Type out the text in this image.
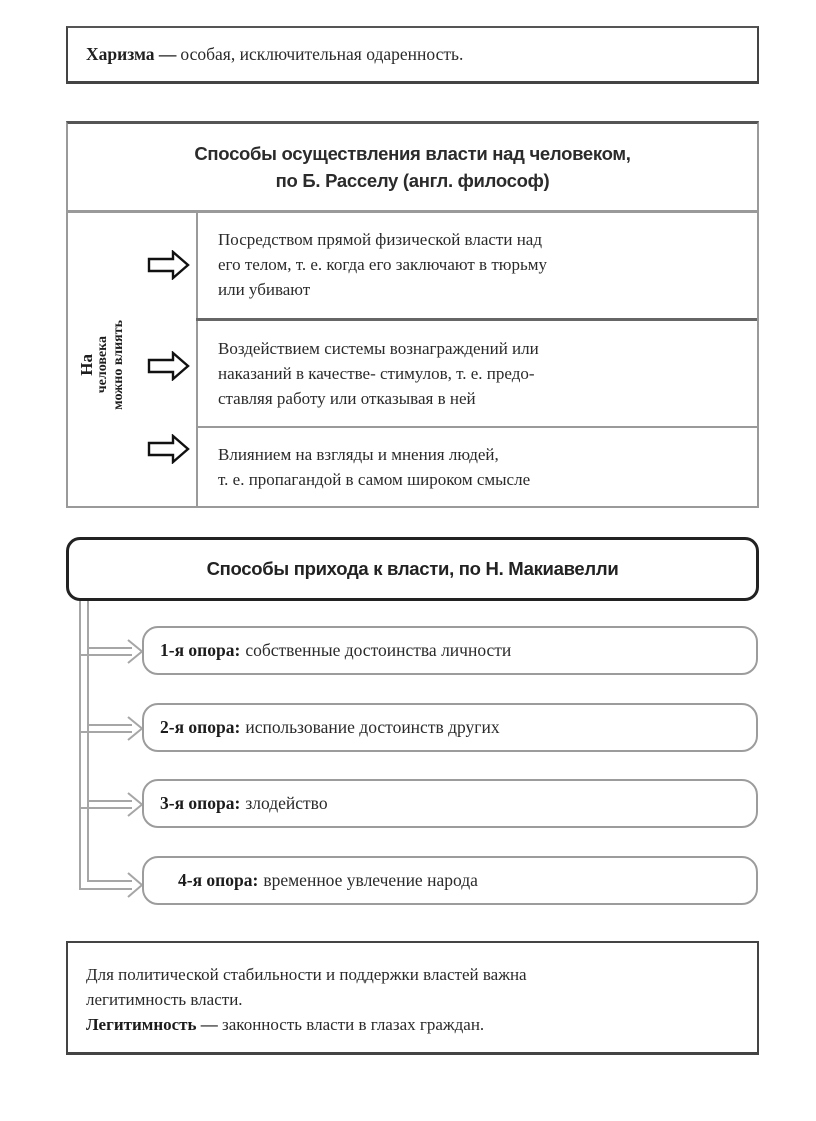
Харизма — особая, исключительная одаренность.
Способы осуществления власти над человеком,
по Б. Расселу (англ. философ)
На человека можно влиять
Посредством прямой физической власти над
его телом, т. е. когда его заключают в тюрьму
или убивают
Воздействием системы вознаграждений или
наказаний в качестве- стимулов, т. е. предо-
ставляя работу или отказывая в ней
Влиянием на взгляды и мнения людей,
т. е. пропагандой в самом широком смысле
Способы прихода к власти, по Н. Макиавелли
1-я опора: собственные достоинства личности
2-я опора: использование достоинств других
3-я опора: злодейство
4-я опора: временное увлечение народа
Для политической стабильности и поддержки властей важна
легитимность власти.
Легитимность — законность власти в глазах граждан.
